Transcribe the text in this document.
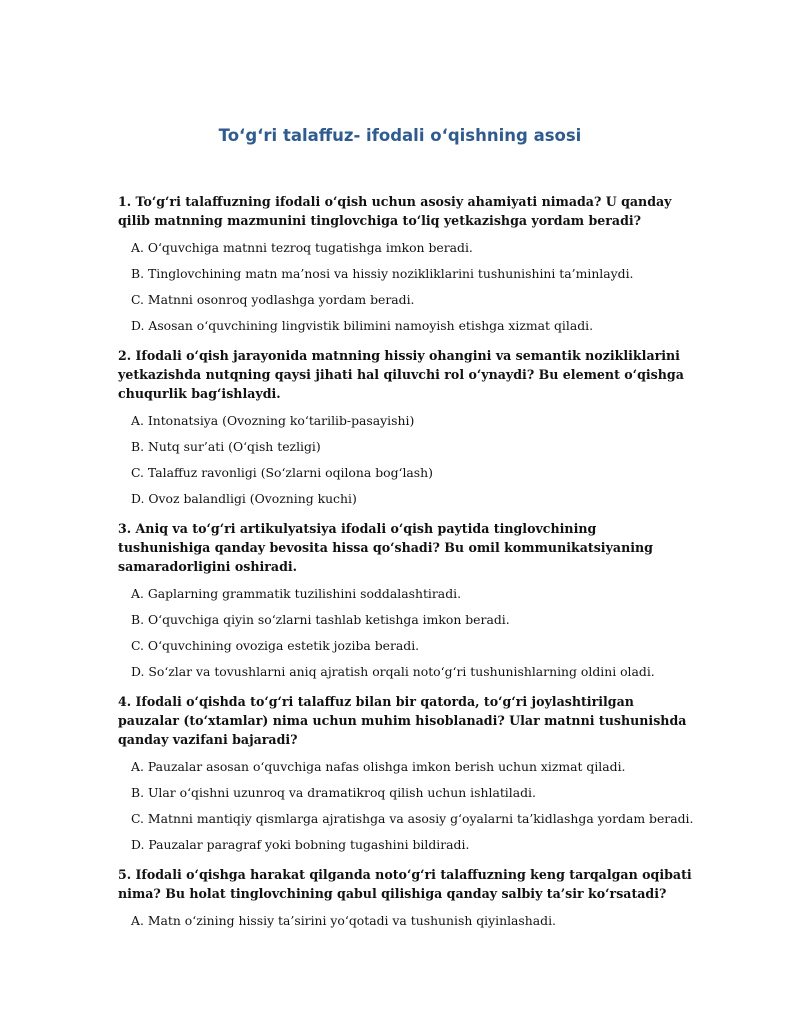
To‘g‘ri talaffuz- ifodali o‘qishning asosi

1. To‘g‘ri talaffuzning ifodali o‘qish uchun asosiy ahamiyati nimada? U qanday qilib matnning mazmunini tinglovchiga to‘liq yetkazishga yordam beradi?

A. O‘quvchiga matnni tezroq tugatishga imkon beradi.

B. Tinglovchining matn ma’nosi va hissiy nozikliklarini tushunishini ta’minlaydi.

C. Matnni osonroq yodlashga yordam beradi.

D. Asosan o‘quvchining lingvistik bilimini namoyish etishga xizmat qiladi.

2. Ifodali o‘qish jarayonida matnning hissiy ohangini va semantik nozikliklarini yetkazishda nutqning qaysi jihati hal qiluvchi rol o‘ynaydi? Bu element o‘qishga chuqurlik bag‘ishlaydi.

A. Intonatsiya (Ovozning ko‘tarilib-pasayishi)

B. Nutq sur’ati (O‘qish tezligi)

C. Talaffuz ravonligi (So‘zlarni oqilona bog‘lash)

D. Ovoz balandligi (Ovozning kuchi)

3. Aniq va to‘g‘ri artikulyatsiya ifodali o‘qish paytida tinglovchining tushunishiga qanday bevosita hissa qo‘shadi? Bu omil kommunikatsiyaning samaradorligini oshiradi.

A. Gaplarning grammatik tuzilishini soddalashtiradi.

B. O‘quvchiga qiyin so‘zlarni tashlab ketishga imkon beradi.

C. O‘quvchining ovoziga estetik joziba beradi.

D. So‘zlar va tovushlarni aniq ajratish orqali noto‘g‘ri tushunishlarning oldini oladi.

4. Ifodali o‘qishda to‘g‘ri talaffuz bilan bir qatorda, to‘g‘ri joylashtirilgan pauzalar (to‘xtamlar) nima uchun muhim hisoblanadi? Ular matnni tushunishda qanday vazifani bajaradi?

A. Pauzalar asosan o‘quvchiga nafas olishga imkon berish uchun xizmat qiladi.

B. Ular o‘qishni uzunroq va dramatikroq qilish uchun ishlatiladi.

C. Matnni mantiqiy qismlarga ajratishga va asosiy g‘oyalarni ta’kidlashga yordam beradi.

D. Pauzalar paragraf yoki bobning tugashini bildiradi.

5. Ifodali o‘qishga harakat qilganda noto‘g‘ri talaffuzning keng tarqalgan oqibati nima? Bu holat tinglovchining qabul qilishiga qanday salbiy ta’sir ko‘rsatadi?

A. Matn o‘zining hissiy ta’sirini yo‘qotadi va tushunish qiyinlashadi.
